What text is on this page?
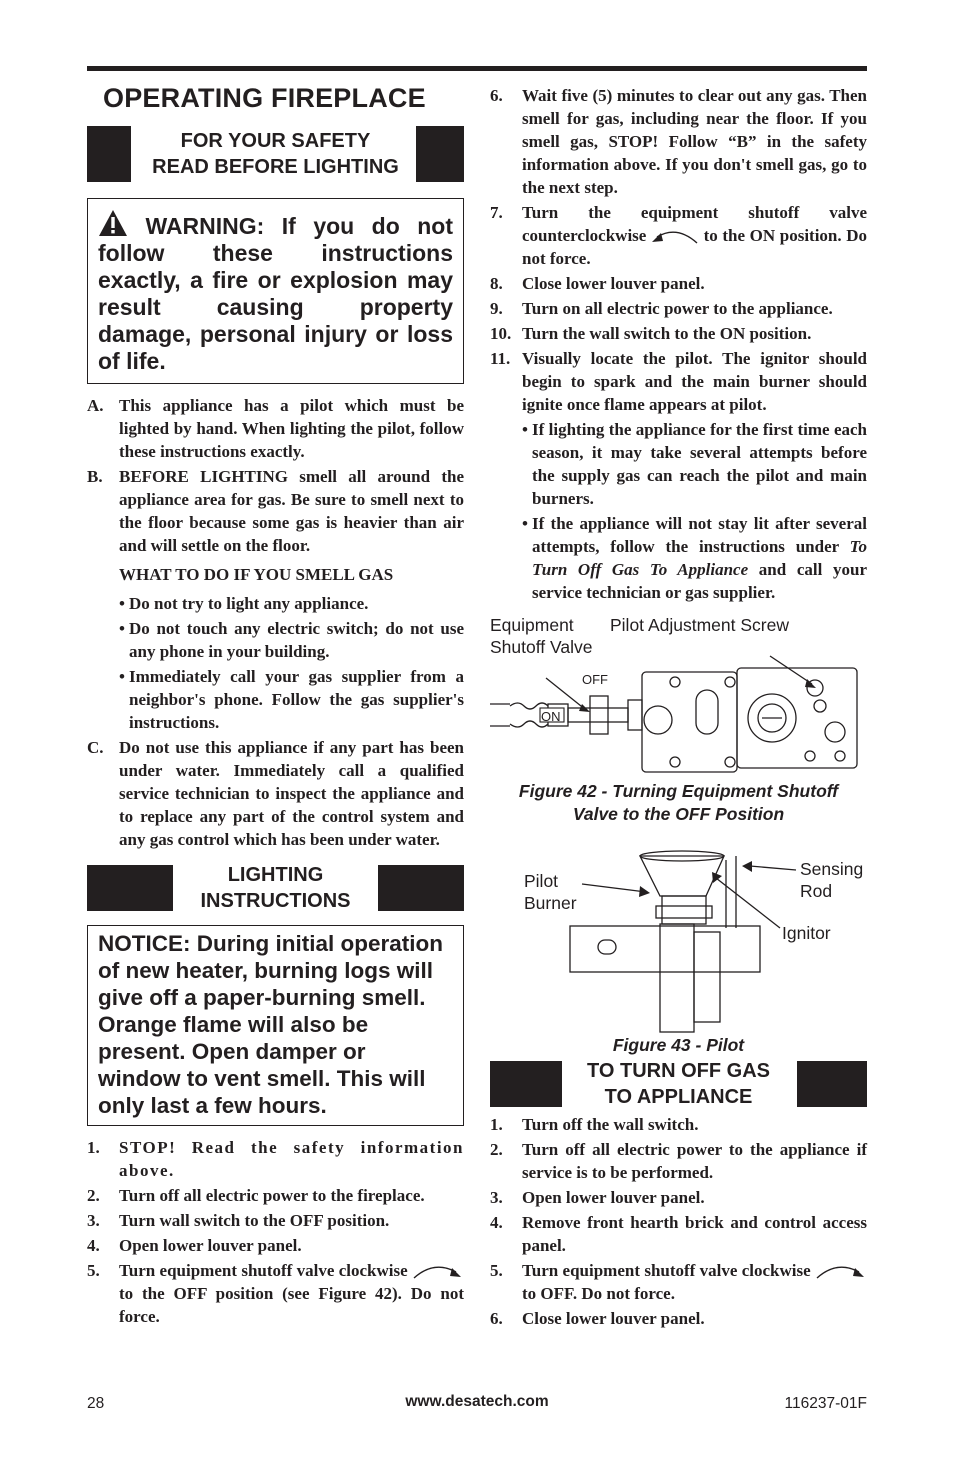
OPERATING FIREPLACE
FOR YOUR SAFETY
READ BEFORE LIGHTING
WARNING: If you do not follow these instructions exactly, a fire or explosion may result causing property damage, personal injury or loss of life.
A. This appliance has a pilot which must be lighted by hand. When lighting the pilot, follow these instructions exactly.
B. BEFORE LIGHTING smell all around the appliance area for gas. Be sure to smell next to the floor because some gas is heavier than air and will settle on the floor.
WHAT TO DO IF YOU SMELL GAS
• Do not try to light any appliance.
• Do not touch any electric switch; do not use any phone in your building.
• Immediately call your gas supplier from a neighbor's phone. Follow the gas supplier's instructions.
C. Do not use this appliance if any part has been under water. Immediately call a qualified service technician to inspect the appliance and to replace any part of the control system and any gas control which has been under water.
LIGHTING
INSTRUCTIONS
NOTICE: During initial operation of new heater, burning logs will give off a paper-burning smell. Orange flame will also be present. Open damper or window to vent smell. This will only last a few hours.
1.	STOP! Read the safety information above.
2.	Turn off all electric power to the fireplace.
3.	Turn wall switch to the OFF position.
4.	Open lower louver panel.
5.	Turn equipment shutoff valve clockwise  to the OFF position (see Figure 42). Do not force.
6.	Wait five (5) minutes to clear out any gas. Then smell for gas, including near the floor. If you smell gas, STOP! Follow “B” in the safety information above. If you don't smell gas, go to the next step.
7.	Turn the equipment shutoff valve counterclockwise	to the ON position. Do not force.
8.	Close lower louver panel.
9.	Turn on all electric power to the appliance.
10. Turn the wall switch to the ON position.
11. Visually locate the pilot. The ignitor should begin to spark and the main burner should ignite once flame appears at pilot.
• If lighting the appliance for the first time each season, it may take several attempts before the supply gas can reach the pilot and main burners.
• If the appliance will not stay lit after several attempts, follow the instructions under To Turn Off Gas To Appliance and call your service technician or gas supplier.
Equipment
Shutoff Valve
Pilot Adjustment Screw
OFF
ON
Figure 42 - Turning Equipment Shutoff
Valve to the OFF Position
Pilot
Burner
Sensing
Rod
Ignitor
Figure 43 - Pilot
TO TURN OFF GAS
TO APPLIANCE
1.	Turn off the wall switch.
2.	Turn off all electric power to the appliance if service is to be performed.
3.	Open lower louver panel.
4.	Remove front hearth brick and control access panel.
5.	Turn equipment shutoff valve clockwise  to OFF. Do not force.
6.	Close lower louver panel.
28	www.desatech.com	116237-01F
